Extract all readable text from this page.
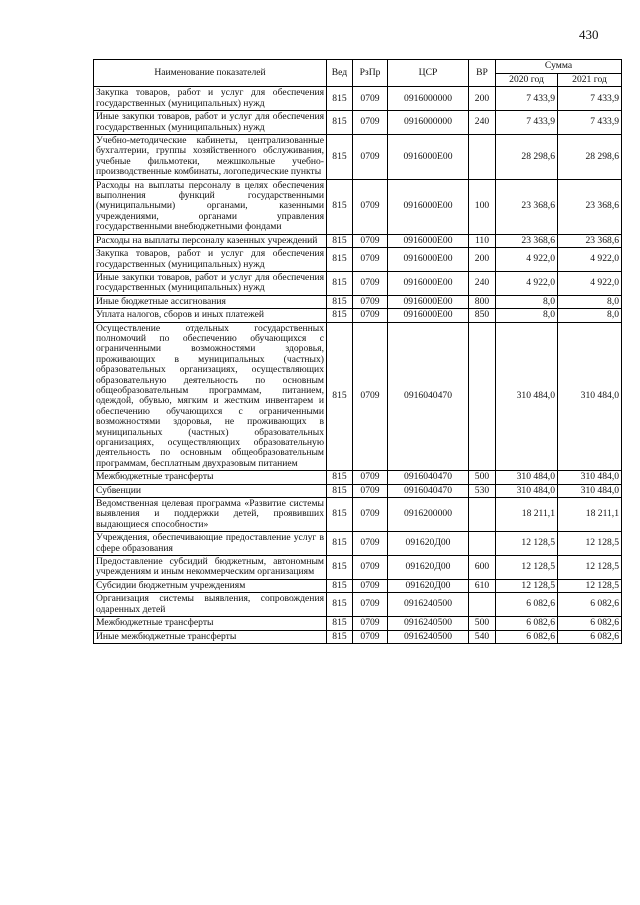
430
Наименование показателей	Вед	РзПр	ЦСР	ВР	Сумма	
					2020 год	2021 год
Закупка товаров, работ и услуг для обеспечения государственных (муниципальных) нужд	815	0709	0916000000	200	7 433,9	7 433,9
Иные закупки товаров, работ и услуг для обеспечения государственных (муниципальных) нужд	815	0709	0916000000	240	7 433,9	7 433,9
Учебно-методические кабинеты, централизованные бухгалтерии, группы хозяйственного обслуживания, учебные фильмотеки, межшкольные учебно-производственные комбинаты, логопедические пункты	815	0709	0916000Е00		28 298,6	28 298,6
Расходы на выплаты персоналу в целях обеспечения выполнения функций государственными (муниципальными) органами, казенными учреждениями, органами управления государственными внебюджетными фондами	815	0709	0916000Е00	100	23 368,6	23 368,6
Расходы на выплаты персоналу казенных учреждений	815	0709	0916000Е00	110	23 368,6	23 368,6
Закупка товаров, работ и услуг для обеспечения государственных (муниципальных) нужд	815	0709	0916000Е00	200	4 922,0	4 922,0
Иные закупки товаров, работ и услуг для обеспечения государственных (муниципальных) нужд	815	0709	0916000Е00	240	4 922,0	4 922,0
Иные бюджетные ассигнования	815	0709	0916000Е00	800	8,0	8,0
Уплата налогов, сборов и иных платежей	815	0709	0916000Е00	850	8,0	8,0
Осуществление отдельных государственных полномочий по обеспечению обучающихся с ограниченными возможностями здоровья, проживающих в муниципальных (частных) образовательных организациях, осуществляющих образовательную деятельность по основным общеобразовательным программам, питанием, одеждой, обувью, мягким и жестким инвентарем и обеспечению обучающихся с ограниченными возможностями здоровья, не проживающих в муниципальных (частных) образовательных организациях, осуществляющих образовательную деятельность по основным общеобразовательным программам, бесплатным двухразовым питанием	815	0709	0916040470		310 484,0	310 484,0
Межбюджетные трансферты	815	0709	0916040470	500	310 484,0	310 484,0
Субвенции	815	0709	0916040470	530	310 484,0	310 484,0
Ведомственная целевая программа «Развитие системы выявления и поддержки детей, проявивших выдающиеся способности»	815	0709	0916200000		18 211,1	18 211,1
Учреждения, обеспечивающие предоставление услуг в сфере образования	815	0709	091620Д00		12 128,5	12 128,5
Предоставление субсидий бюджетным, автономным учреждениям и иным некоммерческим организациям	815	0709	091620Д00	600	12 128,5	12 128,5
Субсидии бюджетным учреждениям	815	0709	091620Д00	610	12 128,5	12 128,5
Организация системы выявления, сопровождения одаренных детей	815	0709	0916240500		6 082,6	6 082,6
Межбюджетные трансферты	815	0709	0916240500	500	6 082,6	6 082,6
Иные межбюджетные трансферты	815	0709	0916240500	540	6 082,6	6 082,6
